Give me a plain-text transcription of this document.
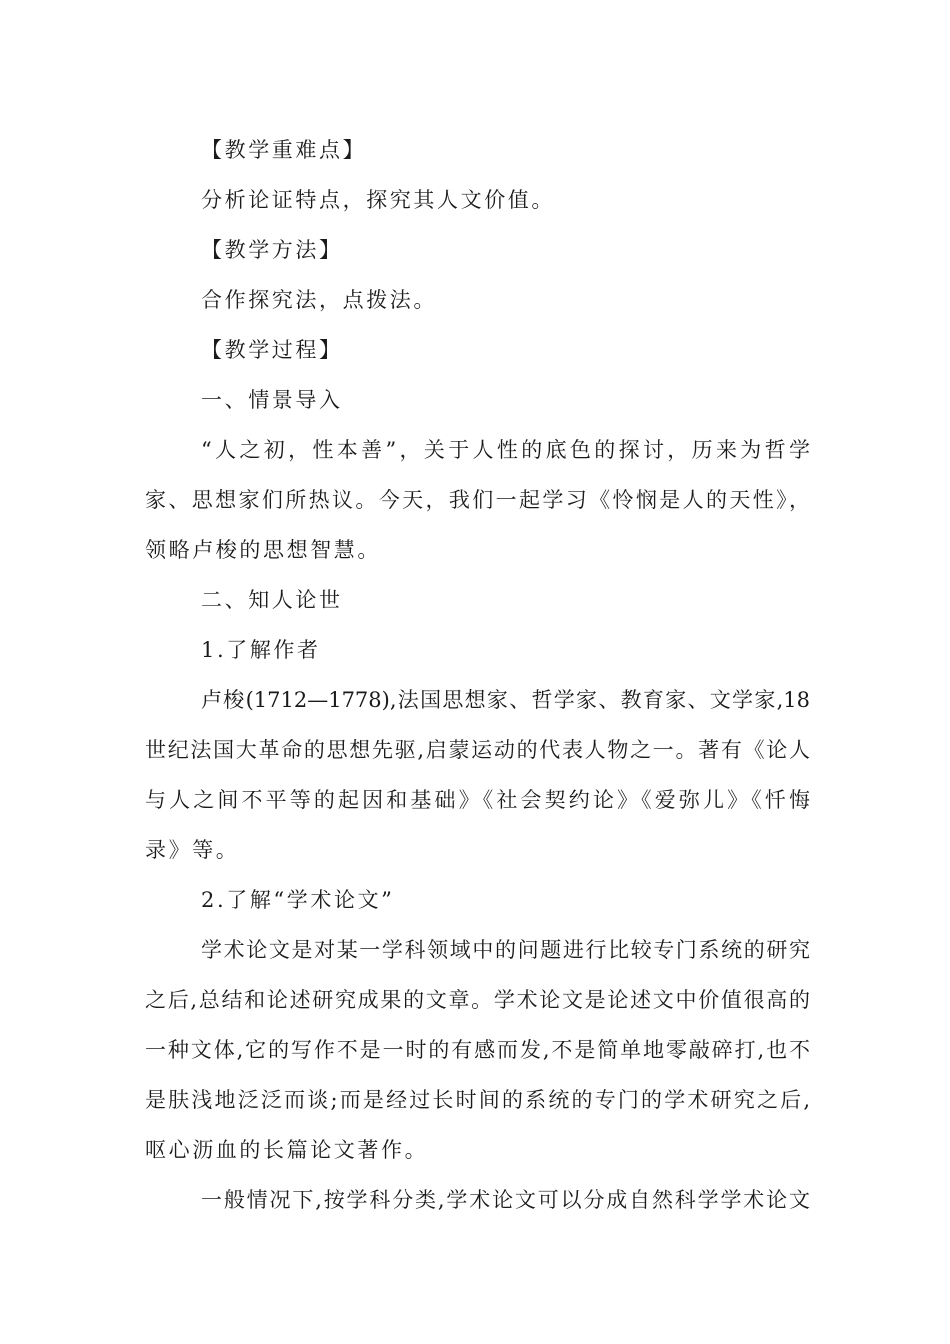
【教学重难点】
分析论证特点，探究其人文价值。
【教学方法】
合作探究法，点拨法。
【教学过程】
一、情景导入
“人之初，性本善”，关于人性的底色的探讨，历来为哲学
家、思想家们所热议。今天，我们一起学习《怜悯是人的天性》，
领略卢梭的思想智慧。
二、知人论世
1.了解作者
卢梭(1712—1778),法国思想家、哲学家、教育家、文学家,18
世纪法国大革命的思想先驱,启蒙运动的代表人物之一。著有《论人
与人之间不平等的起因和基础》《社会契约论》《爱弥儿》《忏悔
录》等。
2.了解“学术论文”
学术论文是对某一学科领域中的问题进行比较专门系统的研究
之后,总结和论述研究成果的文章。学术论文是论述文中价值很高的
一种文体,它的写作不是一时的有感而发,不是简单地零敲碎打,也不
是肤浅地泛泛而谈;而是经过长时间的系统的专门的学术研究之后,
呕心沥血的长篇论文著作。
一般情况下,按学科分类,学术论文可以分成自然科学学术论文
